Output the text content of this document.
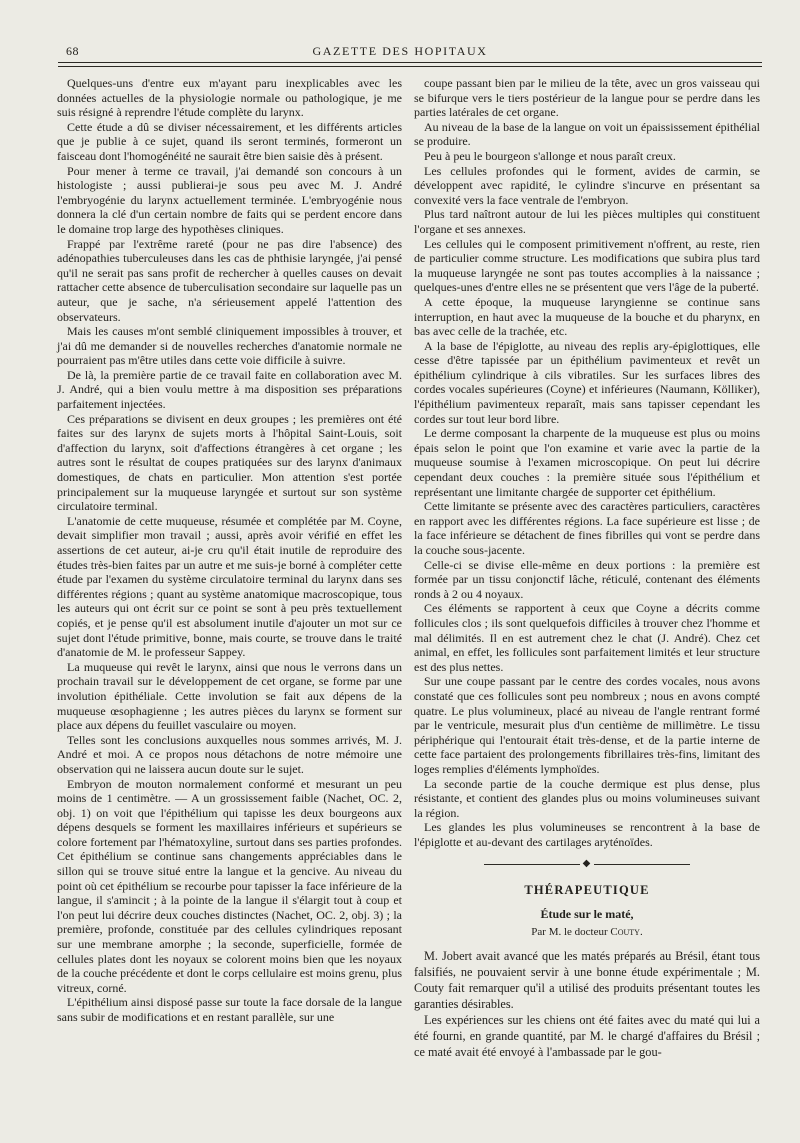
68	GAZETTE DES HOPITAUX

Quelques-uns d'entre eux m'ayant paru inexplicables avec les données actuelles de la physiologie normale ou pathologique, je me suis résigné à reprendre l'étude complète du larynx.

Cette étude a dû se diviser nécessairement, et les différents articles que je publie à ce sujet, quand ils seront terminés, formeront un faisceau dont l'homogénéité ne saurait être bien saisie dès à présent.

Pour mener à terme ce travail, j'ai demandé son concours à un histologiste ; aussi publierai-je sous peu avec M. J. André l'embryogénie du larynx actuellement terminée. L'embryogénie nous donnera la clé d'un certain nombre de faits qui se perdent encore dans le domaine trop large des hypothèses cliniques.

Frappé par l'extrême rareté (pour ne pas dire l'absence) des adénopathies tuberculeuses dans les cas de phthisie laryngée, j'ai pensé qu'il ne serait pas sans profit de rechercher à quelles causes on devait rattacher cette absence de tuberculisation secondaire sur laquelle pas un auteur, que je sache, n'a sérieusement appelé l'attention des observateurs.

Mais les causes m'ont semblé cliniquement impossibles à trouver, et j'ai dû me demander si de nouvelles recherches d'anatomie normale ne pourraient pas m'être utiles dans cette voie difficile à suivre.

De là, la première partie de ce travail faite en collaboration avec M. J. André, qui a bien voulu mettre à ma disposition ses préparations parfaitement injectées.

Ces préparations se divisent en deux groupes ; les premières ont été faites sur des larynx de sujets morts à l'hôpital Saint-Louis, soit d'affection du larynx, soit d'affections étrangères à cet organe ; les autres sont le résultat de coupes pratiquées sur des larynx d'animaux domestiques, de chats en particulier. Mon attention s'est portée principalement sur la muqueuse laryngée et surtout sur son système circulatoire terminal.

L'anatomie de cette muqueuse, résumée et complétée par M. Coyne, devait simplifier mon travail ; aussi, après avoir vérifié en effet les assertions de cet auteur, ai-je cru qu'il était inutile de reproduire des études très-bien faites par un autre et me suis-je borné à compléter cette étude par l'examen du système circulatoire terminal du larynx dans ses différentes régions ; quant au système anatomique macroscopique, tous les auteurs qui ont écrit sur ce point se sont à peu près textuellement copiés, et je pense qu'il est absolument inutile d'ajouter un mot sur ce sujet dont l'étude primitive, bonne, mais courte, se trouve dans le traité d'anatomie de M. le professeur Sappey.

La muqueuse qui revêt le larynx, ainsi que nous le verrons dans un prochain travail sur le développement de cet organe, se forme par une involution épithéliale. Cette involution se fait aux dépens de la muqueuse œsophagienne ; les autres pièces du larynx se forment sur place aux dépens du feuillet vasculaire ou moyen.

Telles sont les conclusions auxquelles nous sommes arrivés, M. J. André et moi. A ce propos nous détachons de notre mémoire une observation qui ne laissera aucun doute sur le sujet.

Embryon de mouton normalement conformé et mesurant un peu moins de 1 centimètre. — A un grossissement faible (Nachet, OC. 2, obj. 1) on voit que l'épithélium qui tapisse les deux bourgeons aux dépens desquels se forment les maxillaires inférieurs et supérieurs se colore fortement par l'hématoxyline, surtout dans ses parties profondes. Cet épithélium se continue sans changements appréciables dans le sillon qui se trouve situé entre la langue et la gencive. Au niveau du point où cet épithélium se recourbe pour tapisser la face inférieure de la langue, il s'amincit ; à la pointe de la langue il s'élargit tout à coup et l'on peut lui décrire deux couches distinctes (Nachet, OC. 2, obj. 3) ; la première, profonde, constituée par des cellules cylindriques reposant sur une membrane amorphe ; la seconde, superficielle, formée de cellules plates dont les noyaux se colorent moins bien que les noyaux de la couche précédente et dont le corps cellulaire est moins grenu, plus vitreux, corné.

L'épithélium ainsi disposé passe sur toute la face dorsale de la langue sans subir de modifications et en restant parallèle, sur une

coupe passant bien par le milieu de la tête, avec un gros vaisseau qui se bifurque vers le tiers postérieur de la langue pour se perdre dans les parties latérales de cet organe.

Au niveau de la base de la langue on voit un épaississement épithélial se produire.

Peu à peu le bourgeon s'allonge et nous paraît creux.

Les cellules profondes qui le forment, avides de carmin, se développent avec rapidité, le cylindre s'incurve en présentant sa convexité vers la face ventrale de l'embryon.

Plus tard naîtront autour de lui les pièces multiples qui constituent l'organe et ses annexes.

Les cellules qui le composent primitivement n'offrent, au reste, rien de particulier comme structure. Les modifications que subira plus tard la muqueuse laryngée ne sont pas toutes accomplies à la naissance ; quelques-unes d'entre elles ne se présentent que vers l'âge de la puberté.

A cette époque, la muqueuse laryngienne se continue sans interruption, en haut avec la muqueuse de la bouche et du pharynx, en bas avec celle de la trachée, etc.

A la base de l'épiglotte, au niveau des replis ary-épiglottiques, elle cesse d'être tapissée par un épithélium pavimenteux et revêt un épithélium cylindrique à cils vibratiles. Sur les surfaces libres des cordes vocales supérieures (Coyne) et inférieures (Naumann, Kölliker), l'épithélium pavimenteux reparaît, mais sans tapisser cependant les cordes sur tout leur bord libre.

Le derme composant la charpente de la muqueuse est plus ou moins épais selon le point que l'on examine et varie avec la partie de la muqueuse soumise à l'examen microscopique. On peut lui décrire cependant deux couches : la première située sous l'épithélium et représentant une limitante chargée de supporter cet épithélium.

Cette limitante se présente avec des caractères particuliers, caractères en rapport avec les différentes régions. La face supérieure est lisse ; de la face inférieure se détachent de fines fibrilles qui vont se perdre dans la couche sous-jacente.

Celle-ci se divise elle-même en deux portions : la première est formée par un tissu conjonctif lâche, réticulé, contenant des éléments ronds à 2 ou 4 noyaux.

Ces éléments se rapportent à ceux que Coyne a décrits comme follicules clos ; ils sont quelquefois difficiles à trouver chez l'homme et mal délimités. Il en est autrement chez le chat (J. André). Chez cet animal, en effet, les follicules sont parfaitement limités et leur structure est des plus nettes.

Sur une coupe passant par le centre des cordes vocales, nous avons constaté que ces follicules sont peu nombreux ; nous en avons compté quatre. Le plus volumineux, placé au niveau de l'angle rentrant formé par le ventricule, mesurait plus d'un centième de millimètre. Le tissu périphérique qui l'entourait était très-dense, et de la partie interne de cette face partaient des prolongements fibrillaires très-fins, limitant des loges remplies d'éléments lymphoïdes.

La seconde partie de la couche dermique est plus dense, plus résistante, et contient des glandes plus ou moins volumineuses suivant la région.

Les glandes les plus volumineuses se rencontrent à la base de l'épiglotte et au-devant des cartilages aryténoïdes.

◆
THÉRAPEUTIQUE
Étude sur le maté,
Par M. le docteur Couty.

M. Jobert avait avancé que les matés préparés au Brésil, étant tous falsifiés, ne pouvaient servir à une bonne étude expérimentale ; M. Couty fait remarquer qu'il a utilisé des produits présentant toutes les garanties désirables.

Les expériences sur les chiens ont été faites avec du maté qui lui a été fourni, en grande quantité, par M. le chargé d'affaires du Brésil ; ce maté avait été envoyé à l'ambassade par le gou-
